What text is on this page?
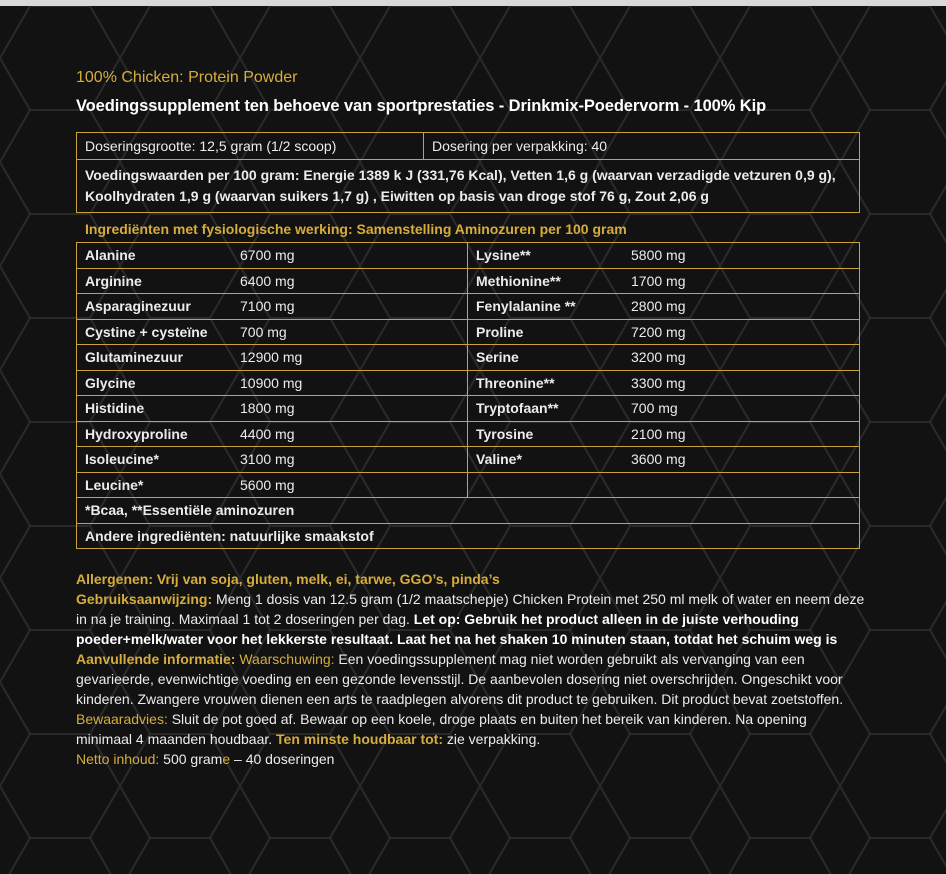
100% Chicken: Protein Powder
Voedingssupplement ten behoeve van sportprestaties - Drinkmix-Poedervorm - 100% Kip
Doseringsgrootte: 12,5 gram (1/2 scoop)	Dosering per verpakking: 40
Voedingswaarden per 100 gram: Energie 1389 k J (331,76 Kcal), Vetten 1,6 g (waarvan verzadigde vetzuren 0,9 g), Koolhydraten 1,9 g (waarvan suikers 1,7 g) , Eiwitten op basis van droge stof 76 g, Zout 2,06 g
Ingrediënten met fysiologische werking: Samenstelling Aminozuren per 100 gram
Alanine	6700 mg	Lysine**	5800 mg
Arginine	6400 mg	Methionine**	1700 mg
Asparaginezuur	7100 mg	Fenylalanine **	2800 mg
Cystine + cysteïne	700 mg	Proline	7200 mg
Glutaminezuur	12900 mg	Serine	3200 mg
Glycine	10900 mg	Threonine**	3300 mg
Histidine	1800 mg	Tryptofaan**	700 mg
Hydroxyproline	4400 mg	Tyrosine	2100 mg
Isoleucine*	3100 mg	Valine*	3600 mg
Leucine*	5600 mg		
*Bcaa, **Essentiële aminozuren			
Andere ingrediënten: natuurlijke smaakstof			
Allergenen: Vrij van soja, gluten, melk, ei, tarwe, GGO’s, pinda’s
Gebruiksaanwijzing: Meng 1 dosis van 12.5 gram (1/2 maatschepje) Chicken Protein met 250 ml melk of water en neem deze in na je training. Maximaal 1 tot 2 doseringen per dag. Let op: Gebruik het product alleen in de juiste verhouding poeder+melk/water voor het lekkerste resultaat. Laat het na het shaken 10 minuten staan, totdat het schuim weg is
Aanvullende informatie: Waarschuwing: Een voedingssupplement mag niet worden gebruikt als vervanging van een gevarieerde, evenwichtige voeding en een gezonde levensstijl. De aanbevolen dosering niet overschrijden. Ongeschikt voor kinderen. Zwangere vrouwen dienen een arts te raadplegen alvorens dit product te gebruiken. Dit product bevat zoetstoffen. Bewaaradvies: Sluit de pot goed af. Bewaar op een koele, droge plaats en buiten het bereik van kinderen. Na opening minimaal 4 maanden houdbaar. Ten minste houdbaar tot: zie verpakking.
Netto inhoud: 500 grame – 40 doseringen
